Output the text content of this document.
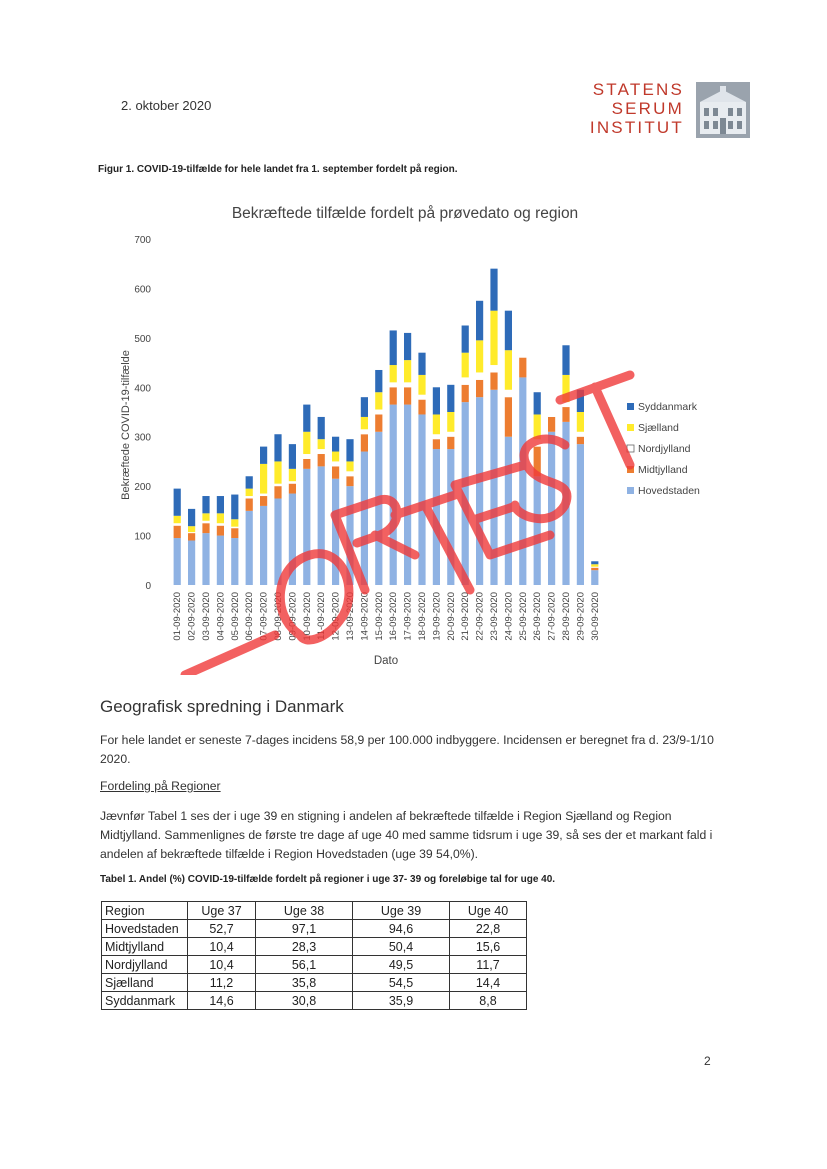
2. oktober 2020
STATENS
SERUM
INSTITUT
Figur 1. COVID-19-tilfælde for hele landet fra 1. september fordelt på region.
Bekræftede tilfælde fordelt på prøvedato og region
Bekræftede COVID-19-tilfælde
Dato
0
100
200
300
400
500
600
700
01-09-2020 02-09-2020 03-09-2020 04-09-2020 05-09-2020 06-09-2020 07-09-2020 08-09-2020 09-09-2020 10-09-2020 11-09-2020 12-09-2020 13-09-2020 14-09-2020 15-09-2020 16-09-2020 17-09-2020 18-09-2020 19-09-2020 20-09-2020 21-09-2020 22-09-2020 23-09-2020 24-09-2020 25-09-2020 26-09-2020 27-09-2020 28-09-2020 29-09-2020 30-09-2020
Syddanmark
Sjælland
Nordjylland
Midtjylland
Hovedstaden
Geografisk spredning i Danmark
For hele landet er seneste 7-dages incidens 58,9 per 100.000 indbyggere. Incidensen er beregnet fra d. 23/9-1/10 2020.
Fordeling på Regioner
Jævnfør Tabel 1 ses der i uge 39 en stigning i andelen af bekræftede tilfælde i Region Sjælland og Region Midtjylland. Sammenlignes de første tre dage af uge 40 med samme tidsrum i uge 39, så ses der et markant fald i andelen af bekræftede tilfælde i Region Hovedstaden (uge 39 54,0%).
Tabel 1. Andel (%) COVID-19-tilfælde fordelt på regioner i uge 37- 39 og foreløbige tal for uge 40.
Region	Uge 37	Uge 38	Uge 39	Uge 40
Hovedstaden	52,7	97,1	94,6	22,8
Midtjylland	10,4	28,3	50,4	15,6
Nordjylland	10,4	56,1	49,5	11,7
Sjælland	11,2	35,8	54,5	14,4
Syddanmark	14,6	30,8	35,9	8,8
2
